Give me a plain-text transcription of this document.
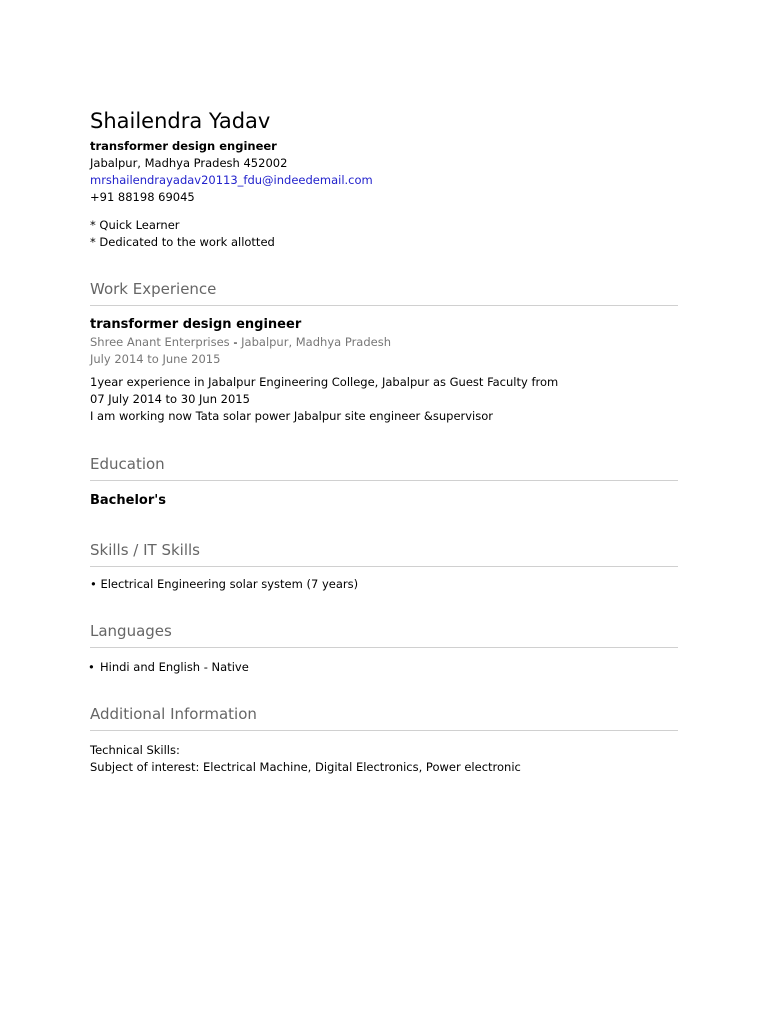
Shailendra Yadav
transformer design engineer
Jabalpur, Madhya Pradesh 452002
mrshailendrayadav20113_fdu@indeedemail.com
+91 88198 69045
* Quick Learner
* Dedicated to the work allotted
Work Experience
transformer design engineer
Shree Anant Enterprises - Jabalpur, Madhya Pradesh
July 2014 to June 2015
1year experience in Jabalpur Engineering College, Jabalpur as Guest Faculty from
07 July 2014 to 30 Jun 2015
I am working now Tata solar power Jabalpur site engineer &supervisor
Education
Bachelor's
Skills / IT Skills
• Electrical Engineering solar system (7 years)
Languages
• Hindi and English - Native
Additional Information
Technical Skills:
Subject of interest: Electrical Machine, Digital Electronics, Power electronic
